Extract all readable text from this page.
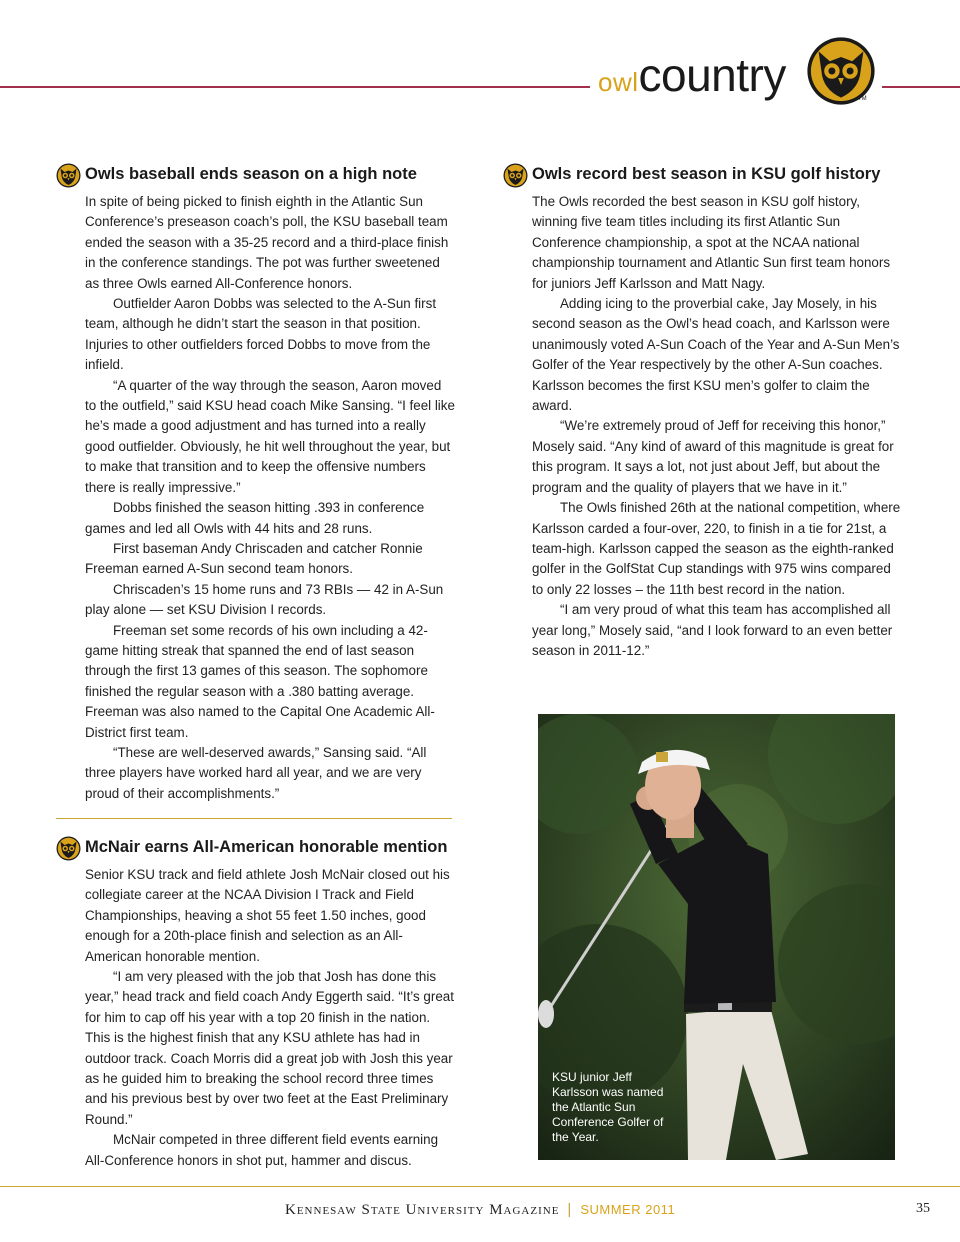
owlcountry	TM
Owls baseball ends season on a high note

In spite of being picked to finish eighth in the Atlantic Sun Conference’s preseason coach’s poll, the KSU baseball team ended the season with a 35-25 record and a third-place finish in the conference standings. The pot was further sweetened as three Owls earned All-Conference honors.

Outfielder Aaron Dobbs was selected to the A-Sun first team, although he didn’t start the season in that position. Injuries to other outfielders forced Dobbs to move from the infield.

“A quarter of the way through the season, Aaron moved to the outfield,” said KSU head coach Mike Sansing. “I feel like he’s made a good adjustment and has turned into a really good outfielder. Obviously, he hit well throughout the year, but to make that transition and to keep the offensive numbers there is really impressive.”

Dobbs finished the season hitting .393 in conference games and led all Owls with 44 hits and 28 runs.

First baseman Andy Chriscaden and catcher Ronnie Freeman earned A-Sun second team honors.

Chriscaden’s 15 home runs and 73 RBIs — 42 in A-Sun play alone — set KSU Division I records.

Freeman set some records of his own including a 42-game hitting streak that spanned the end of last season through the first 13 games of this season. The sophomore finished the regular season with a .380 batting average. Freeman was also named to the Capital One Academic All-District first team.

“These are well-deserved awards,” Sansing said. “All three players have worked hard all year, and we are very proud of their accomplishments.”

McNair earns All-American honorable mention

Senior KSU track and field athlete Josh McNair closed out his collegiate career at the NCAA Division I Track and Field Championships, heaving a shot 55 feet 1.50 inches, good enough for a 20th-place finish and selection as an All-American honorable mention.

“I am very pleased with the job that Josh has done this year,” head track and field coach Andy Eggerth said. “It’s great for him to cap off his year with a top 20 finish in the nation. This is the highest finish that any KSU athlete has had in outdoor track. Coach Morris did a great job with Josh this year as he guided him to breaking the school record three times and his previous best by over two feet at the East Preliminary Round.”

McNair competed in three different field events earning All-Conference honors in shot put, hammer and discus.

Owls record best season in KSU golf history

The Owls recorded the best season in KSU golf history, winning five team titles including its first Atlantic Sun Conference championship, a spot at the NCAA national championship tournament and Atlantic Sun first team honors for juniors Jeff Karlsson and Matt Nagy.

Adding icing to the proverbial cake, Jay Mosely, in his second season as the Owl’s head coach, and Karlsson were unanimously voted A-Sun Coach of the Year and A-Sun Men’s Golfer of the Year respectively by the other A-Sun coaches. Karlsson becomes the first KSU men’s golfer to claim the award.

“We’re extremely proud of Jeff for receiving this honor,” Mosely said. “Any kind of award of this magnitude is great for this program. It says a lot, not just about Jeff, but about the program and the quality of players that we have in it.”

The Owls finished 26th at the national competition, where Karlsson carded a four-over, 220, to finish in a tie for 21st, a team-high. Karlsson capped the season as the eighth-ranked golfer in the GolfStat Cup standings with 975 wins compared to only 22 losses – the 11th best record in the nation.

“I am very proud of what this team has accomplished all year long,” Mosely said, “and I look forward to an even better season in 2011-12.”

KSU junior Jeff Karlsson was named the Atlantic Sun Conference Golfer of the Year.
Kennesaw State University Magazine | SUMMER 2011	35
